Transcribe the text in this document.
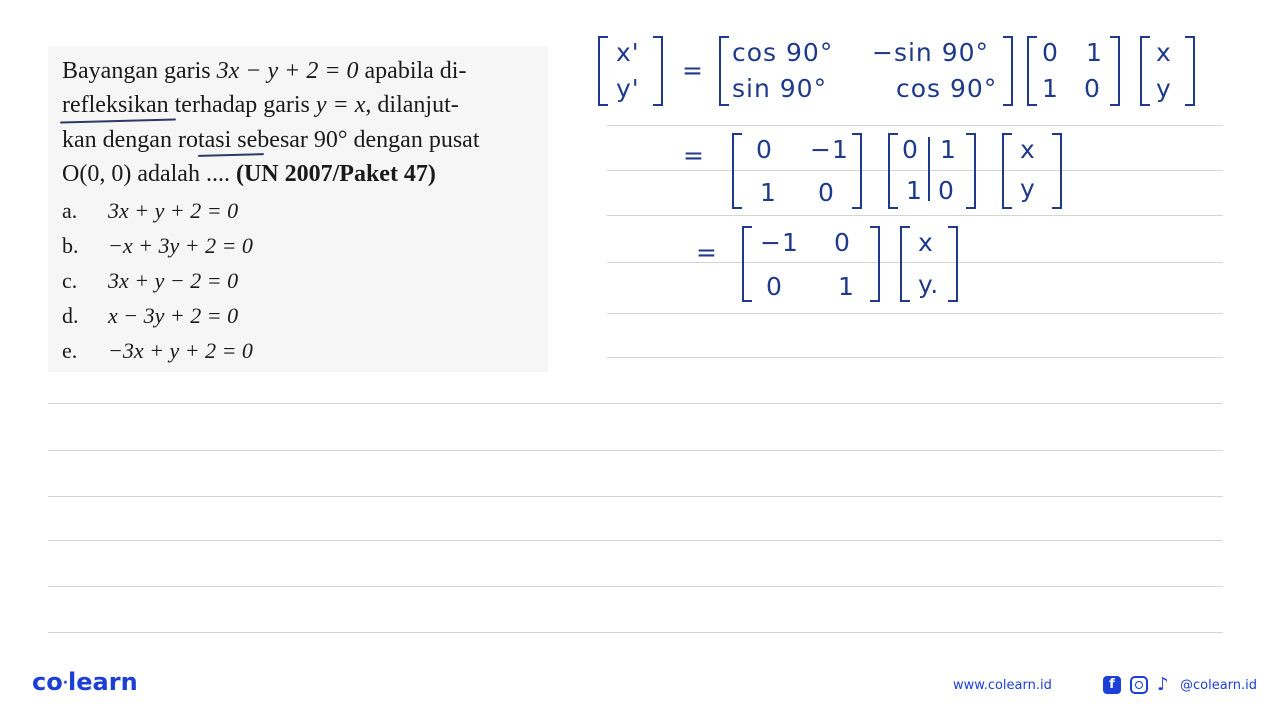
Bayangan garis 3x − y + 2 = 0 apabila di-
refleksikan terhadap garis y = x, dilanjut-
kan dengan rotasi sebesar 90° dengan pusat
O(0, 0) adalah .... (UN 2007/Paket 47)
a. 3x + y + 2 = 0
b. −x + 3y + 2 = 0
c. 3x + y − 2 = 0
d. x − 3y + 2 = 0
e. −3x + y + 2 = 0
x'
y'
=
cos 90° −sin 90°
sin 90°	cos 90°
0 1
1 0
x
y
= 0 −1
1 0
0 1
1 0
x
y
= −1 0
0 1
x
y.
co·learn	www.colearn.id	f	♪ @colearn.id
